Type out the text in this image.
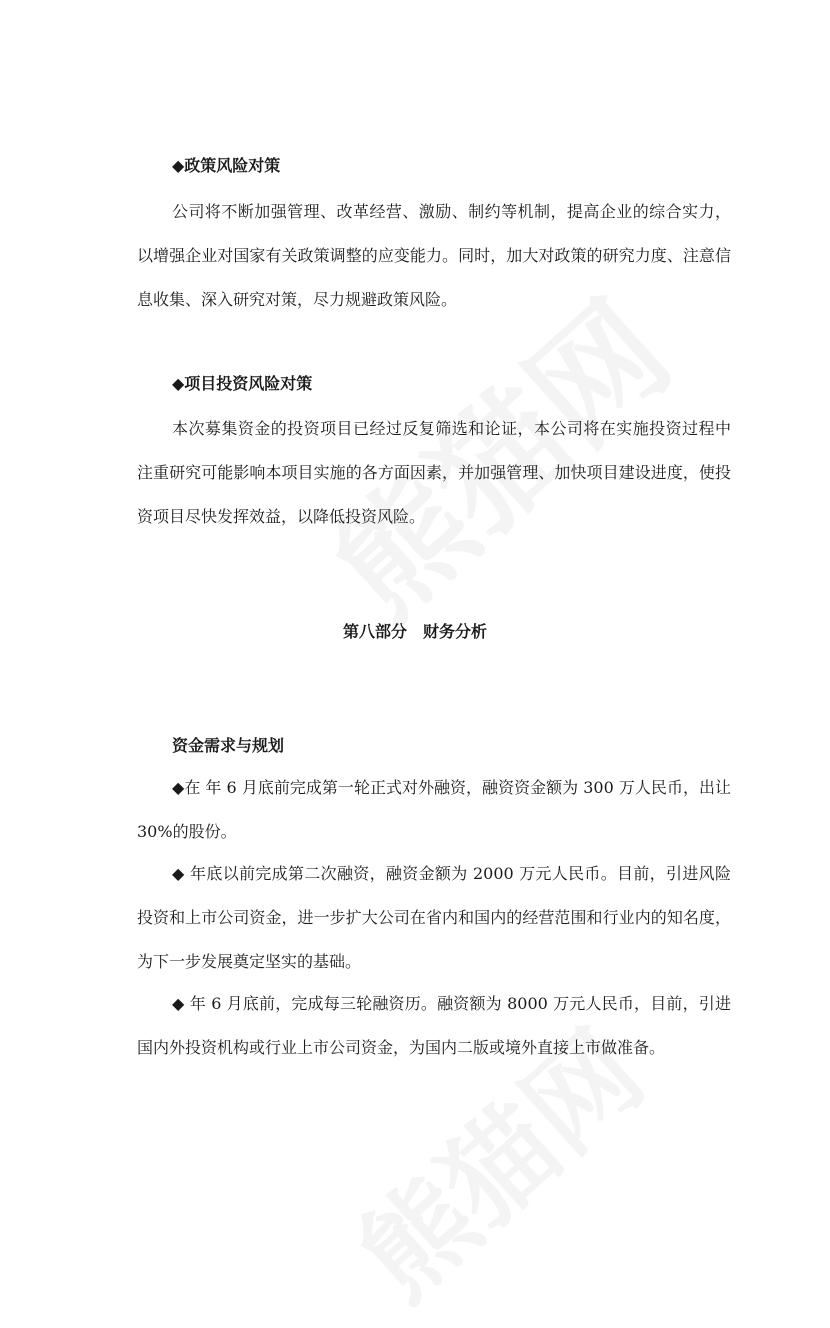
◆政策风险对策

公司将不断加强管理、改革经营、激励、制约等机制，提高企业的综合实力，以增强企业对国家有关政策调整的应变能力。同时，加大对政策的研究力度、注意信息收集、深入研究对策，尽力规避政策风险。

◆项目投资风险对策

本次募集资金的投资项目已经过反复筛选和论证，本公司将在实施投资过程中注重研究可能影响本项目实施的各方面因素，并加强管理、加快项目建设进度，使投资项目尽快发挥效益，以降低投资风险。

第八部分　财务分析
资金需求与规划

◆在 年 6 月底前完成第一轮正式对外融资，融资资金额为 300 万人民币，出让 30%的股份。

◆ 年底以前完成第二次融资，融资金额为 2000 万元人民币。目前，引进风险投资和上市公司资金，进一步扩大公司在省内和国内的经营范围和行业内的知名度，为下一步发展奠定坚实的基础。

◆ 年 6 月底前，完成每三轮融资历。融资额为 8000 万元人民币，目前，引进国内外投资机构或行业上市公司资金，为国内二版或境外直接上市做准备。
